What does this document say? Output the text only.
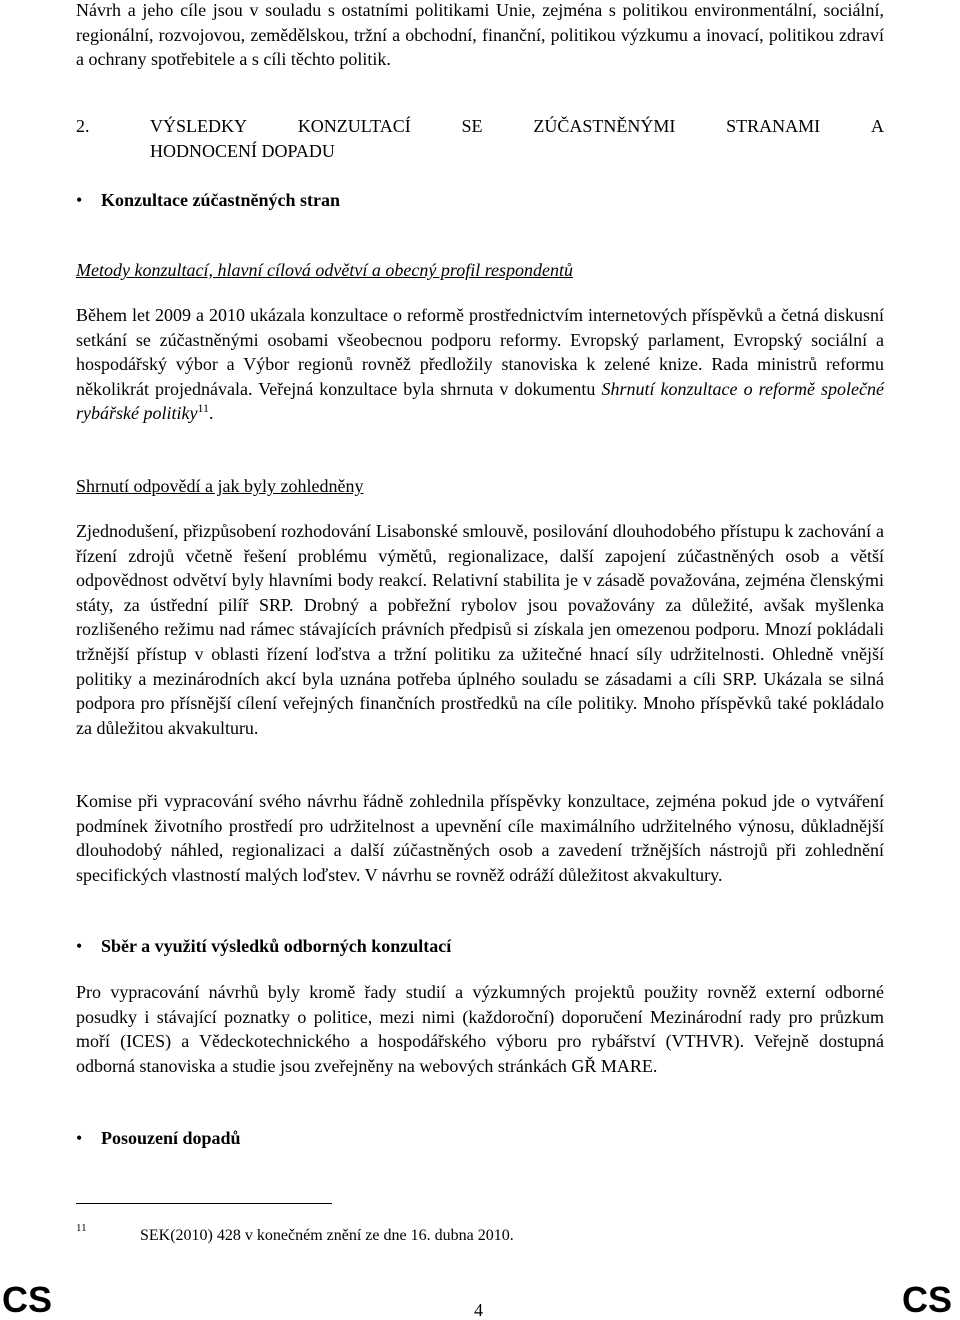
Návrh a jeho cíle jsou v souladu s ostatními politikami Unie, zejména s politikou environmentální, sociální, regionální, rozvojovou, zemědělskou, tržní a obchodní, finanční, politikou výzkumu a inovací, politikou zdraví a ochrany spotřebitele a s cíli těchto politik.

2.	VÝSLEDKY	KONZULTACÍ	SE	ZÚČASTNĚNÝMI	STRANAMI	A
HODNOCENÍ DOPADU
• Konzultace zúčastněných stran

Metody konzultací, hlavní cílová odvětví a obecný profil respondentů

Během let 2009 a 2010 ukázala konzultace o reformě prostřednictvím internetových příspěvků a četná diskusní setkání se zúčastněnými osobami všeobecnou podporu reformy. Evropský parlament, Evropský sociální a hospodářský výbor a Výbor regionů rovněž předložily stanoviska k zelené knize. Rada ministrů reformu několikrát projednávala. Veřejná konzultace byla shrnuta v dokumentu Shrnutí konzultace o reformě společné rybářské politiky$^{11}$.

Shrnutí odpovědí a jak byly zohledněny

Zjednodušení, přizpůsobení rozhodování Lisabonské smlouvě, posilování dlouhodobého přístupu k zachování a řízení zdrojů včetně řešení problému výmětů, regionalizace, další zapojení zúčastněných osob a větší odpovědnost odvětví byly hlavními body reakcí. Relativní stabilita je v zásadě považována, zejména členskými státy, za ústřední pilíř SRP. Drobný a pobřežní rybolov jsou považovány za důležité, avšak myšlenka rozlišeného režimu nad rámec stávajících právních předpisů si získala jen omezenou podporu. Mnozí pokládali tržnější přístup v oblasti řízení loďstva a tržní politiku za užitečné hnací síly udržitelnosti. Ohledně vnější politiky a mezinárodních akcí byla uznána potřeba úplného souladu se zásadami a cíli SRP. Ukázala se silná podpora pro přísnější cílení veřejných finančních prostředků na cíle politiky. Mnoho příspěvků také pokládalo za důležitou akvakulturu.

Komise při vypracování svého návrhu řádně zohlednila příspěvky konzultace, zejména pokud jde o vytváření podmínek životního prostředí pro udržitelnost a upevnění cíle maximálního udržitelného výnosu, důkladnější dlouhodobý náhled, regionalizaci a další zúčastněných osob a zavedení tržnějších nástrojů při zohlednění specifických vlastností malých loďstev. V návrhu se rovněž odráží důležitost akvakultury.

• Sběr a využití výsledků odborných konzultací

Pro vypracování návrhů byly kromě řady studií a výzkumných projektů použity rovněž externí odborné posudky i stávající poznatky o politice, mezi nimi (každoroční) doporučení Mezinárodní rady pro průzkum moří (ICES) a Vědeckotechnického a hospodářského výboru pro rybářství (VTHVR). Veřejně dostupná odborná stanoviska a studie jsou zveřejněny na webových stránkách GŘ MARE.

• Posouzení dopadů
11	SEK(2010) 428 v konečném znění ze dne 16. dubna 2010.
CS	4	CS
